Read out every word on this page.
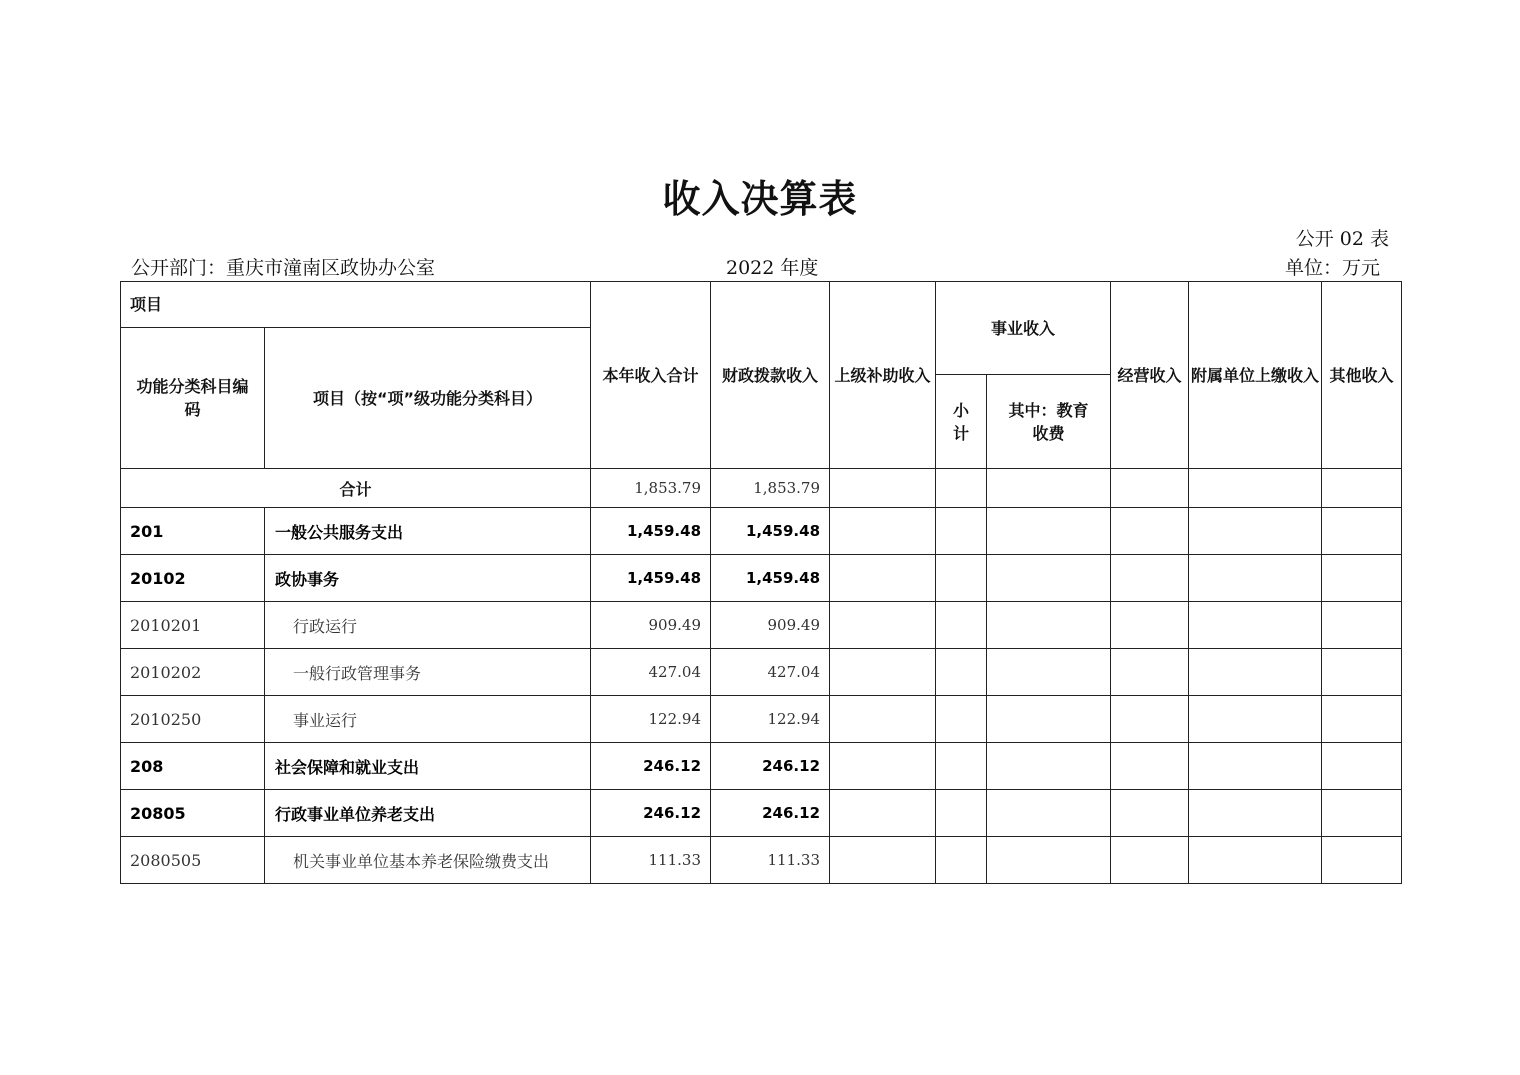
收入决算表
公开 02 表
公开部门：重庆市潼南区政协办公室	2022 年度	单位：万元
项目		本年收入合计	财政拨款收入	上级补助收入	事业收入		经营收入	附属单位上缴收入	其他收入
功能分类科目编码	项目（按“项”级功能分类科目）								
					小计	其中：教育收费			
合计		1,853.79	1,853.79						
201	一般公共服务支出	1,459.48	1,459.48						
20102	政协事务	1,459.48	1,459.48						
2010201	行政运行	909.49	909.49						
2010202	一般行政管理事务	427.04	427.04						
2010250	事业运行	122.94	122.94						
208	社会保障和就业支出	246.12	246.12						
20805	行政事业单位养老支出	246.12	246.12						
2080505	机关事业单位基本养老保险缴费支出	111.33	111.33						
